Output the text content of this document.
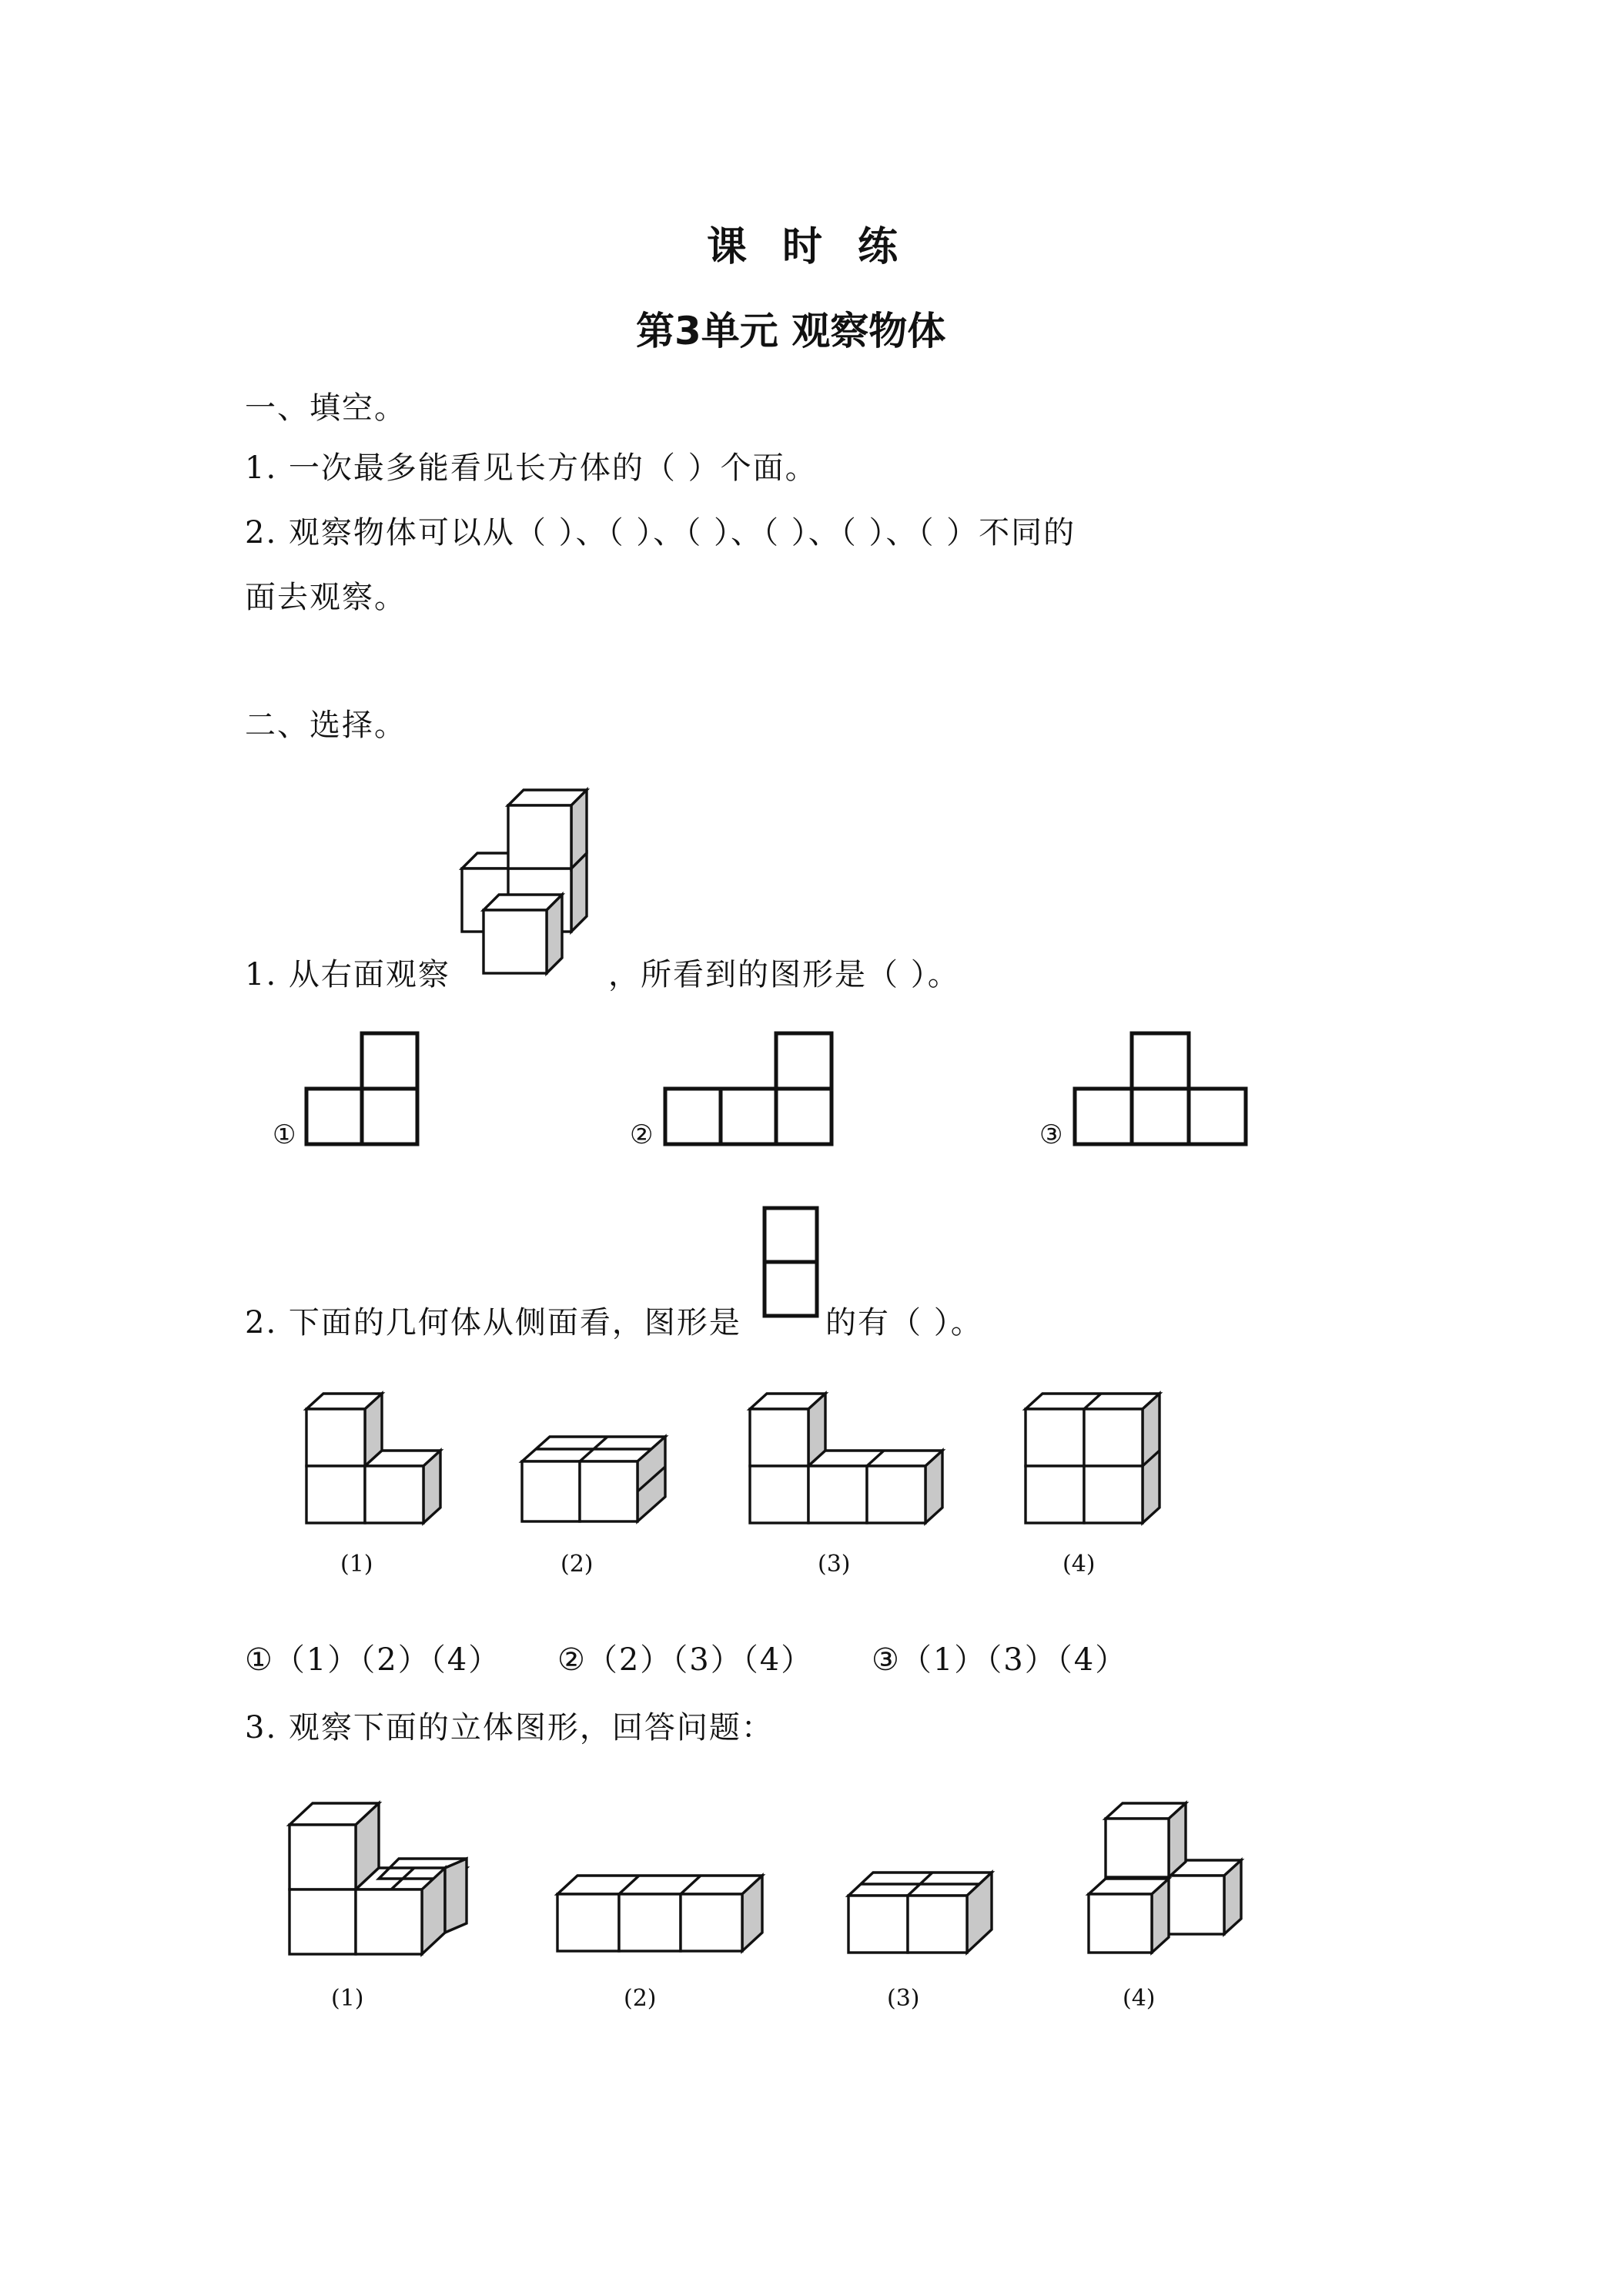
课时练
第3单元 观察物体
一、填空。
1. 一次最多能看见长方体的（ ）个面。
2. 观察物体可以从（ ）、（ ）、（ ）、（ ）、（ ）、（ ）不同的
面去观察。
二、选择。
1. 从右面观察	，所看到的图形是（ ）。
①	②	③
2. 下面的几何体从侧面看，图形是	的有（ ）。
(1)	(2)	(3)	(4)
①（1）（2）（4） ②（2）（3）（4） ③（1）（3）（4）
3. 观察下面的立体图形，回答问题：
(1)	(2)	(3)	(4)
